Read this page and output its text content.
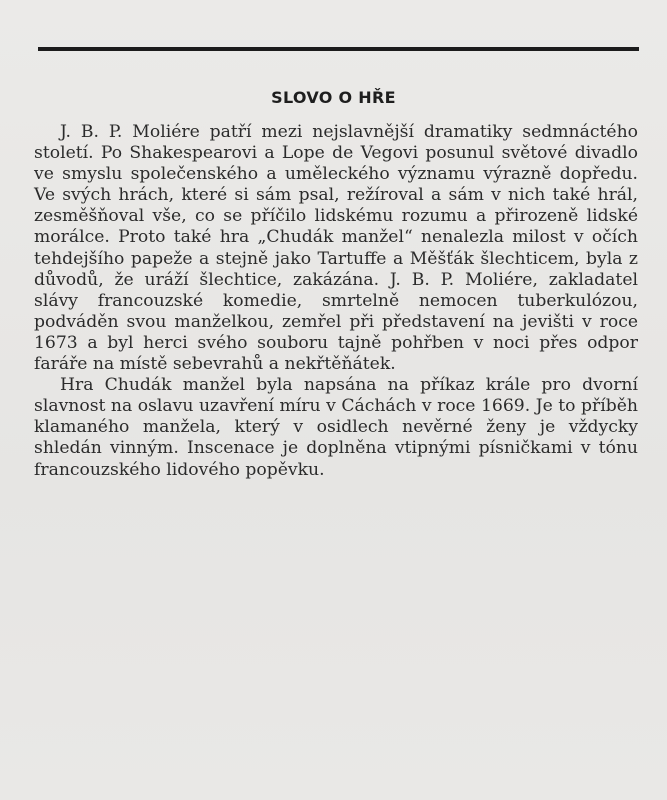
SLOVO O HŘE

J. B. P. Moliére patří mezi nejslavnější dramatiky sedmnáctého století. Po Shakespearovi a Lope de Vegovi posunul světové divadlo ve smyslu společenského a uměleckého významu výrazně dopředu. Ve svých hrách, které si sám psal, režíroval a sám v nich také hrál, zesměšňoval vše, co se příčilo lidskému rozumu a přirozeně lidské morálce. Proto také hra „Chudák manžel“ nenalezla milost v očích tehdejšího papeže a stejně jako Tartuffe a Měšťák šlechticem, byla z důvodů, že uráží šlechtice, zakázána. J. B. P. Moliére, zakladatel slávy francouzské komedie, smrtelně nemocen tuberkulózou, podváděn svou manželkou, zemřel při představení na jevišti v roce 1673 a byl herci svého souboru tajně pohřben v noci přes odpor faráře na místě sebevrahů a nekřtěňátek.

Hra Chudák manžel byla napsána na příkaz krále pro dvorní slavnost na oslavu uzavření míru v Cáchách v roce 1669. Je to příběh klamaného manžela, který v osidlech nevěrné ženy je vždycky shledán vinným. Inscenace je doplněna vtipnými písničkami v tónu francouzského lidového popěvku.
